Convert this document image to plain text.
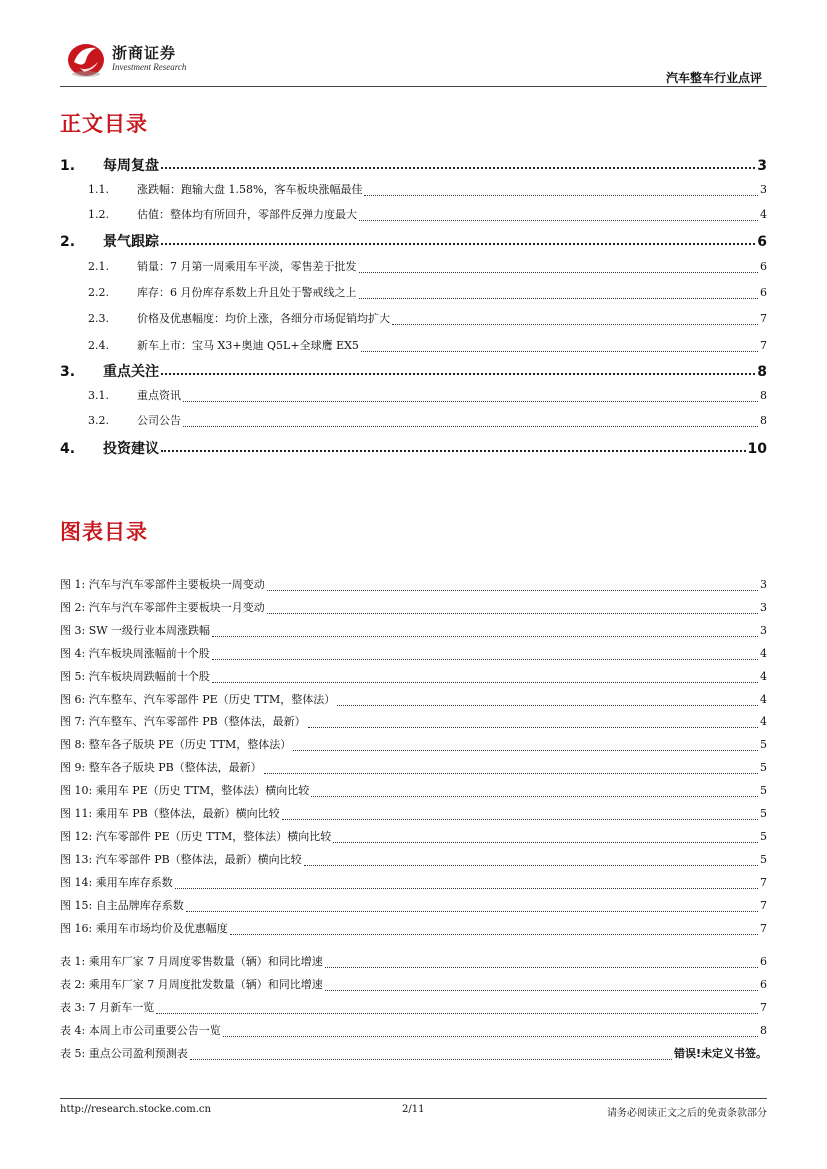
浙商证券
Investment Research
汽车整车行业点评
正文目录
1.	每周复盘	3
1.1.	涨跌幅：跑输大盘 1.58%，客车板块涨幅最佳	3
1.2.	估值：整体均有所回升，零部件反弹力度最大	4
2.	景气跟踪	6
2.1.	销量：7 月第一周乘用车平淡，零售差于批发	6
2.2.	库存：6 月份库存系数上升且处于警戒线之上	6
2.3.	价格及优惠幅度：均价上涨，各细分市场促销均扩大	7
2.4.	新车上市：宝马 X3+奥迪 Q5L+全球鹰 EX5	7
3.	重点关注	8
3.1.	重点资讯	8
3.2.	公司公告	8
4.	投资建议	10
图表目录
图 1: 汽车与汽车零部件主要板块一周变动	3
图 2: 汽车与汽车零部件主要板块一月变动	3
图 3: SW 一级行业本周涨跌幅	3
图 4: 汽车板块周涨幅前十个股	4
图 5: 汽车板块周跌幅前十个股	4
图 6: 汽车整车、汽车零部件 PE（历史 TTM，整体法）	4
图 7: 汽车整车、汽车零部件 PB（整体法，最新）	4
图 8: 整车各子版块 PE（历史 TTM，整体法）	5
图 9: 整车各子版块 PB（整体法，最新）	5
图 10: 乘用车 PE（历史 TTM，整体法）横向比较	5
图 11: 乘用车 PB（整体法，最新）横向比较	5
图 12: 汽车零部件 PE（历史 TTM，整体法）横向比较	5
图 13: 汽车零部件 PB（整体法，最新）横向比较	5
图 14: 乘用车库存系数	7
图 15: 自主品牌库存系数	7
图 16: 乘用车市场均价及优惠幅度	7
表 1: 乘用车厂家 7 月周度零售数量（辆）和同比增速	6
表 2: 乘用车厂家 7 月周度批发数量（辆）和同比增速	6
表 3: 7 月新车一览	7
表 4: 本周上市公司重要公告一览	8
表 5: 重点公司盈利预测表	错误!未定义书签。
http://research.stocke.com.cn	2/11	请务必阅读正文之后的免责条款部分
